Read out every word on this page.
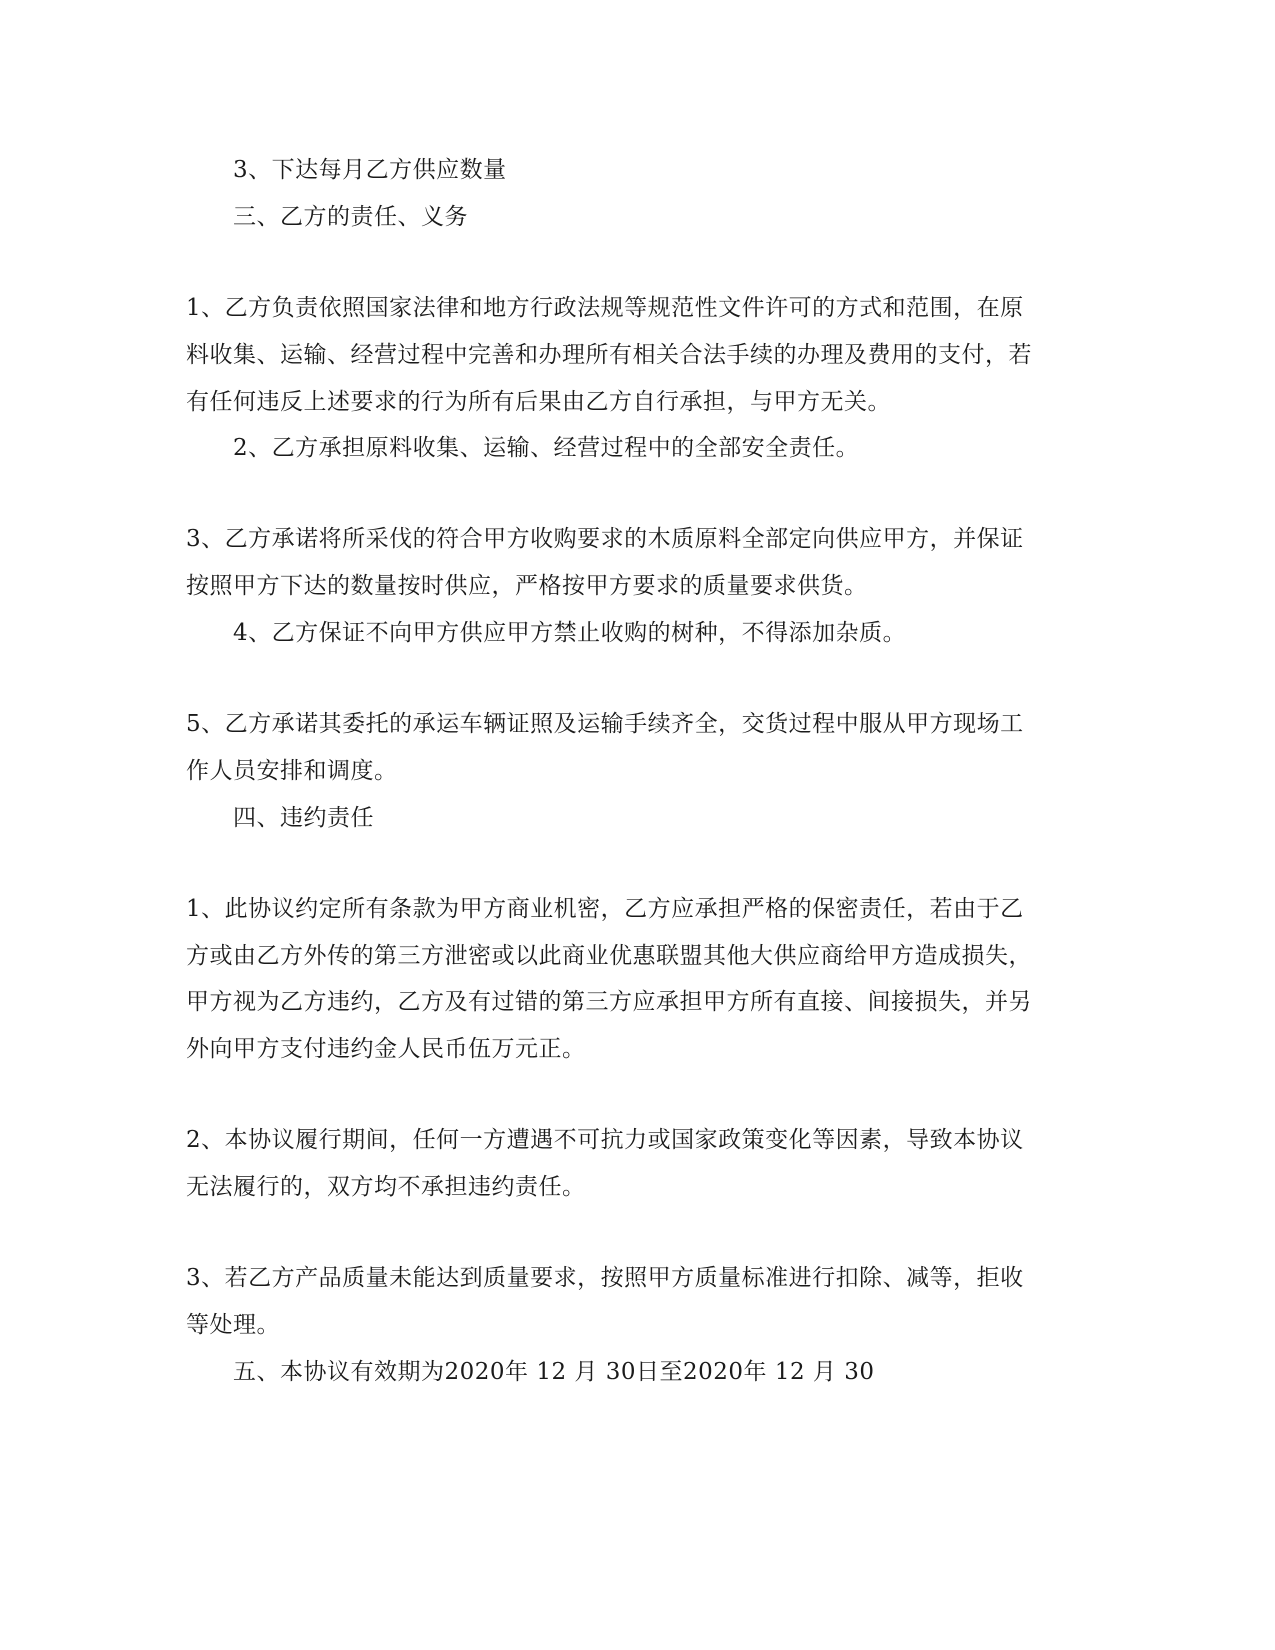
3、下达每月乙方供应数量

三、乙方的责任、义务

1、乙方负责依照国家法律和地方行政法规等规范性文件许可的方式和范围，在原

料收集、运输、经营过程中完善和办理所有相关合法手续的办理及费用的支付，若

有任何违反上述要求的行为所有后果由乙方自行承担，与甲方无关。

2、乙方承担原料收集、运输、经营过程中的全部安全责任。

3、乙方承诺将所采伐的符合甲方收购要求的木质原料全部定向供应甲方，并保证

按照甲方下达的数量按时供应，严格按甲方要求的质量要求供货。

4、乙方保证不向甲方供应甲方禁止收购的树种，不得添加杂质。

5、乙方承诺其委托的承运车辆证照及运输手续齐全，交货过程中服从甲方现场工

作人员安排和调度。

四、违约责任

1、此协议约定所有条款为甲方商业机密，乙方应承担严格的保密责任，若由于乙

方或由乙方外传的第三方泄密或以此商业优惠联盟其他大供应商给甲方造成损失，

甲方视为乙方违约，乙方及有过错的第三方应承担甲方所有直接、间接损失，并另

外向甲方支付违约金人民币伍万元正。

2、本协议履行期间，任何一方遭遇不可抗力或国家政策变化等因素，导致本协议

无法履行的，双方均不承担违约责任。

3、若乙方产品质量未能达到质量要求，按照甲方质量标准进行扣除、减等，拒收

等处理。

五、本协议有效期为2020年 12 月 30日至2020年 12 月 30
